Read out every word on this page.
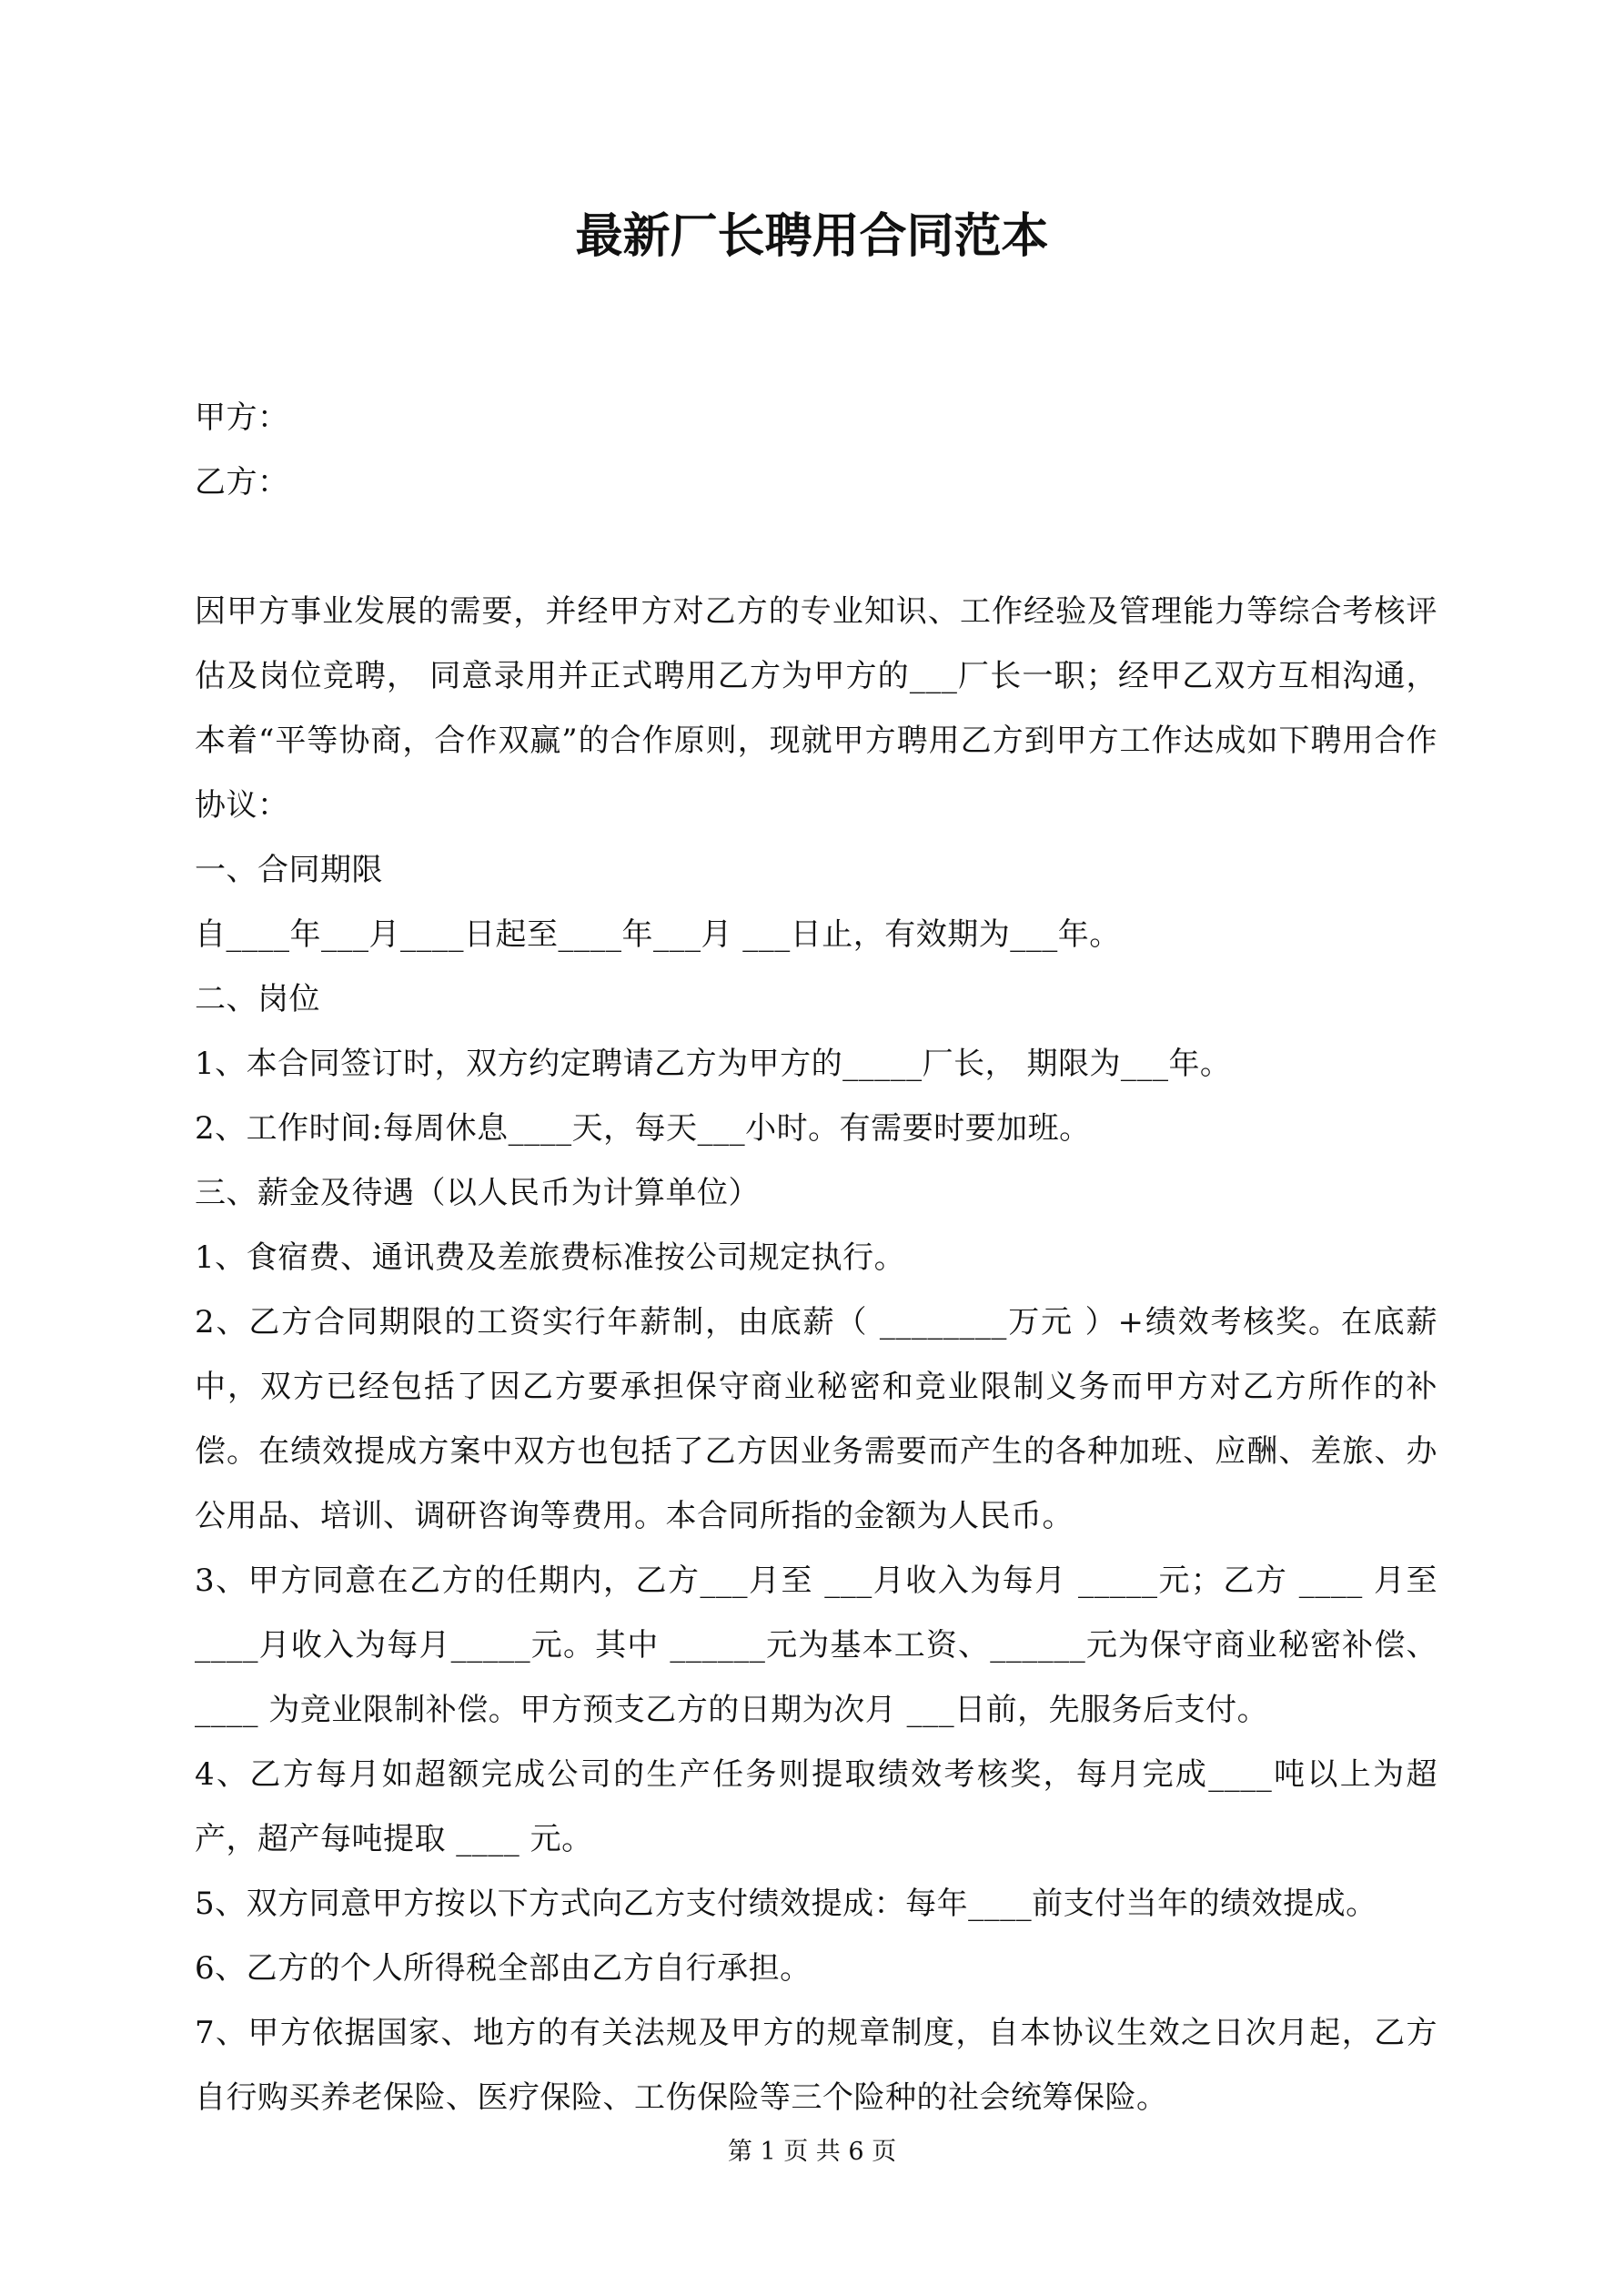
最新厂长聘用合同范本

甲方：

乙方：

因甲方事业发展的需要，并经甲方对乙方的专业知识、工作经验及管理能力等综合考核评估及岗位竞聘， 同意录用并正式聘用乙方为甲方的___厂长一职；经甲乙双方互相沟通，本着“平等协商，合作双赢”的合作原则，现就甲方聘用乙方到甲方工作达成如下聘用合作协议：

一、合同期限

自____年___月____日起至____年___月 ___日止，有效期为___年。

二、岗位

1、本合同签订时，双方约定聘请乙方为甲方的_____厂长， 期限为___年。

2、工作时间:每周休息____天，每天___小时。有需要时要加班。

三、薪金及待遇（以人民币为计算单位）

1、食宿费、通讯费及差旅费标准按公司规定执行。

2、乙方合同期限的工资实行年薪制，由底薪（ ________万元 ）+绩效考核奖。在底薪中，双方已经包括了因乙方要承担保守商业秘密和竞业限制义务而甲方对乙方所作的补偿。在绩效提成方案中双方也包括了乙方因业务需要而产生的各种加班、应酬、差旅、办公用品、培训、调研咨询等费用。本合同所指的金额为人民币。

3、甲方同意在乙方的任期内，乙方___月至 ___月收入为每月 _____元；乙方 ____ 月至 ____月收入为每月_____元。其中 ______元为基本工资、______元为保守商业秘密补偿、____ 为竞业限制补偿。甲方预支乙方的日期为次月 ___日前，先服务后支付。

4、乙方每月如超额完成公司的生产任务则提取绩效考核奖，每月完成____吨以上为超产，超产每吨提取 ____ 元。

5、双方同意甲方按以下方式向乙方支付绩效提成：每年____前支付当年的绩效提成。

6、乙方的个人所得税全部由乙方自行承担。

7、甲方依据国家、地方的有关法规及甲方的规章制度，自本协议生效之日次月起，乙方自行购买养老保险、医疗保险、工伤保险等三个险种的社会统筹保险。

第 1 页 共 6 页
